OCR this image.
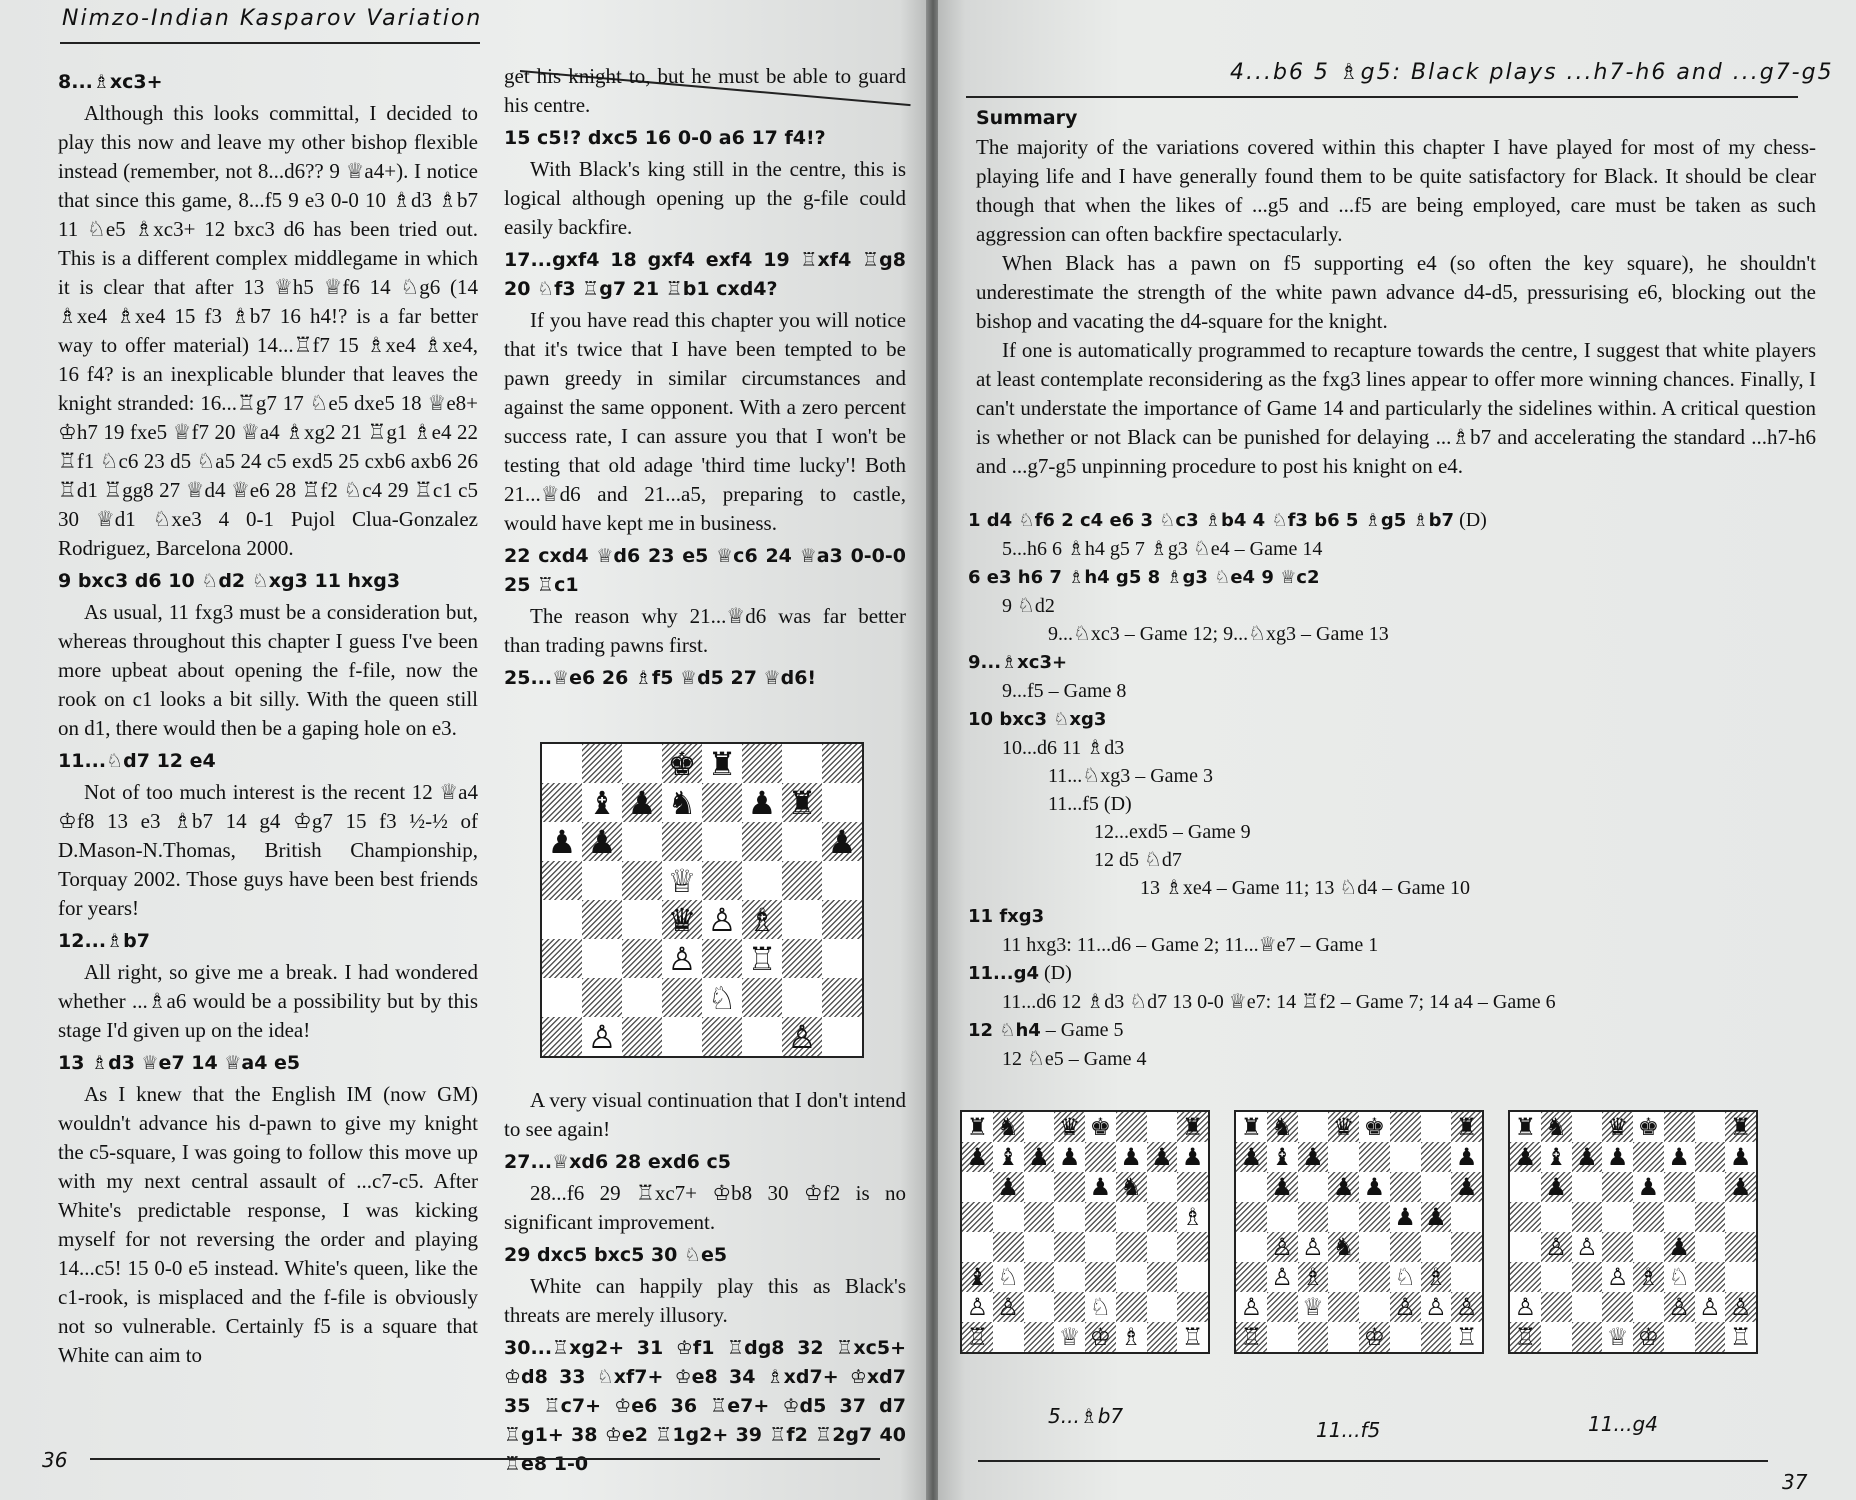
Nimzo-Indian Kasparov Variation
8...♗xc3+

Although this looks committal, I decided to play this now and leave my other bishop flexible instead (remember, not 8...d6?? 9 ♕a4+). I notice that since this game, 8...f5 9 e3 0-0 10 ♗d3 ♗b7 11 ♘e5 ♗xc3+ 12 bxc3 d6 has been tried out. This is a different complex middlegame in which it is clear that after 13 ♕h5 ♕f6 14 ♘g6 (14 ♗xe4 ♗xe4 15 f3 ♗b7 16 h4!? is a far better way to offer material) 14...♖f7 15 ♗xe4 ♗xe4, 16 f4? is an inexplicable blunder that leaves the knight stranded: 16...♖g7 17 ♘e5 dxe5 18 ♕e8+ ♔h7 19 fxe5 ♕f7 20 ♕a4 ♗xg2 21 ♖g1 ♗e4 22 ♖f1 ♘c6 23 d5 ♘a5 24 c5 exd5 25 cxb6 axb6 26 ♖d1 ♖gg8 27 ♕d4 ♕e6 28 ♖f2 ♘c4 29 ♖c1 c5 30 ♕d1 ♘xe3 4 0-1 Pujol Clua-Gonzalez Rodriguez, Barcelona 2000.

9 bxc3 d6 10 ♘d2 ♘xg3 11 hxg3

As usual, 11 fxg3 must be a consideration but, whereas throughout this chapter I guess I've been more upbeat about opening the f-file, now the rook on c1 looks a bit silly. With the queen still on d1, there would then be a gaping hole on e3.

11...♘d7 12 e4

Not of too much interest is the recent 12 ♕a4 ♔f8 13 e3 ♗b7 14 g4 ♔g7 15 f3 ½-½ of D.Mason-N.Thomas, British Championship, Torquay 2002. Those guys have been best friends for years!

12...♗b7

All right, so give me a break. I had wondered whether ...♗a6 would be a possibility but by this stage I'd given up on the idea!

13 ♗d3 ♕e7 14 ♕a4 e5

As I knew that the English IM (now GM) wouldn't advance his d-pawn to give my knight the c5-square, I was going to follow this move up with my next central assault of ...c7-c5. After White's predictable response, I was kicking myself for not reversing the order and playing 14...c5! 15 0-0 e5 instead. White's queen, like the c1-rook, is misplaced and the f-file is obviously not so vulnerable. Certainly f5 is a square that White can aim to

get his knight to, but he must be able to guard his centre.

15 c5!? dxc5 16 0-0 a6 17 f4!?

With Black's king still in the centre, this is logical although opening up the g-file could easily backfire.

17...gxf4 18 gxf4 exf4 19 ♖xf4 ♖g8 20 ♘f3 ♖g7 21 ♖b1 cxd4?

If you have read this chapter you will notice that it's twice that I have been tempted to be pawn greedy in similar circumstances and against the same opponent. With a zero percent success rate, I can assure you that I won't be testing that old adage 'third time lucky'! Both 21...♕d6 and 21...a5, preparing to castle, would have kept me in business.

22 cxd4 ♕d6 23 e5 ♕c6 24 ♕a3 0-0-0 25 ♖c1

The reason why 21...♕d6 was far better than trading pawns first.

25...♕e6 26 ♗f5 ♕d5 27 ♕d6!
♚ ♜
♝ ♟ ♞ ♟ ♜
♟ ♟	♟
♕
♛ ♙ ♗
♙ ♖
♘
♙	♙

A very visual continuation that I don't intend to see again!

27...♕xd6 28 exd6 c5

28...f6 29 ♖xc7+ ♔b8 30 ♔f2 is no significant improvement.

29 dxc5 bxc5 30 ♘e5

White can happily play this as Black's threats are merely illusory.

30...♖xg2+ 31 ♔f1 ♖dg8 32 ♖xc5+ ♔d8 33 ♘xf7+ ♔e8 34 ♗xd7+ ♔xd7 35 ♖c7+ ♔e6 36 ♖e7+ ♔d5 37 d7 ♖g1+ 38 ♔e2 ♖1g2+ 39 ♖f2 ♖2g7 40 ♖e8 1-0
36
4...b6 5 ♗g5: Black plays ...h7-h6 and ...g7-g5
Summary

The majority of the variations covered within this chapter I have played for most of my chess-playing life and I have generally found them to be quite satisfactory for Black. It should be clear though that when the likes of ...g5 and ...f5 are being employed, care must be taken as such aggression can often backfire spectacularly.

When Black has a pawn on f5 supporting e4 (so often the key square), he shouldn't underestimate the strength of the white pawn advance d4-d5, pressurising e6, blocking out the bishop and vacating the d4-square for the knight.

If one is automatically programmed to recapture towards the centre, I suggest that white players at least contemplate reconsidering as the fxg3 lines appear to offer more winning chances. Finally, I can't understate the importance of Game 14 and particularly the sidelines within. A critical question is whether or not Black can be punished for delaying ...♗b7 and accelerating the standard ...h7-h6 and ...g7-g5 unpinning procedure to post his knight on e4.

1 d4 ♘f6 2 c4 e6 3 ♘c3 ♗b4 4 ♘f3 b6 5 ♗g5 ♗b7 (D)
5...h6 6 ♗h4 g5 7 ♗g3 ♘e4 – Game 14
6 e3 h6 7 ♗h4 g5 8 ♗g3 ♘e4 9 ♕c2
9 ♘d2
9...♘xc3 – Game 12; 9...♘xg3 – Game 13
9...♗xc3+
9...f5 – Game 8
10 bxc3 ♘xg3
10...d6 11 ♗d3
11...♘xg3 – Game 3
11...f5 (D)
12...exd5 – Game 9
12 d5 ♘d7
13 ♗xe4 – Game 11; 13 ♘d4 – Game 10
11 fxg3
11 hxg3: 11...d6 – Game 2; 11...♕e7 – Game 1
11...g4 (D)
11...d6 12 ♗d3 ♘d7 13 0-0 ♕e7: 14 ♖f2 – Game 7; 14 a4 – Game 6
12 ♘h4 – Game 5
12 ♘e5 – Game 4
♜ ♞ ♛ ♚	♜
♟ ♝ ♟ ♟ ♟ ♟ ♟
♟	♟ ♞
♗
♝ ♘
♙ ♙	♘
♖	♕ ♔ ♗ ♖
♜ ♞ ♛ ♚	♜
♟ ♝ ♟	♟
♟ ♟ ♟	♟
♟ ♟
♙ ♙ ♞
♙ ♗	♘ ♗
♙ ♕	♙ ♙ ♙
♖	♔	♖
♜ ♞ ♛ ♚	♜
♟ ♝ ♟ ♟ ♟ ♟
♟	♟	♟
♙ ♙	♟
♙ ♗ ♘
♙	♙ ♙ ♙
♖	♕ ♔	♖
5...♗b7
11...f5	11...g4
37
